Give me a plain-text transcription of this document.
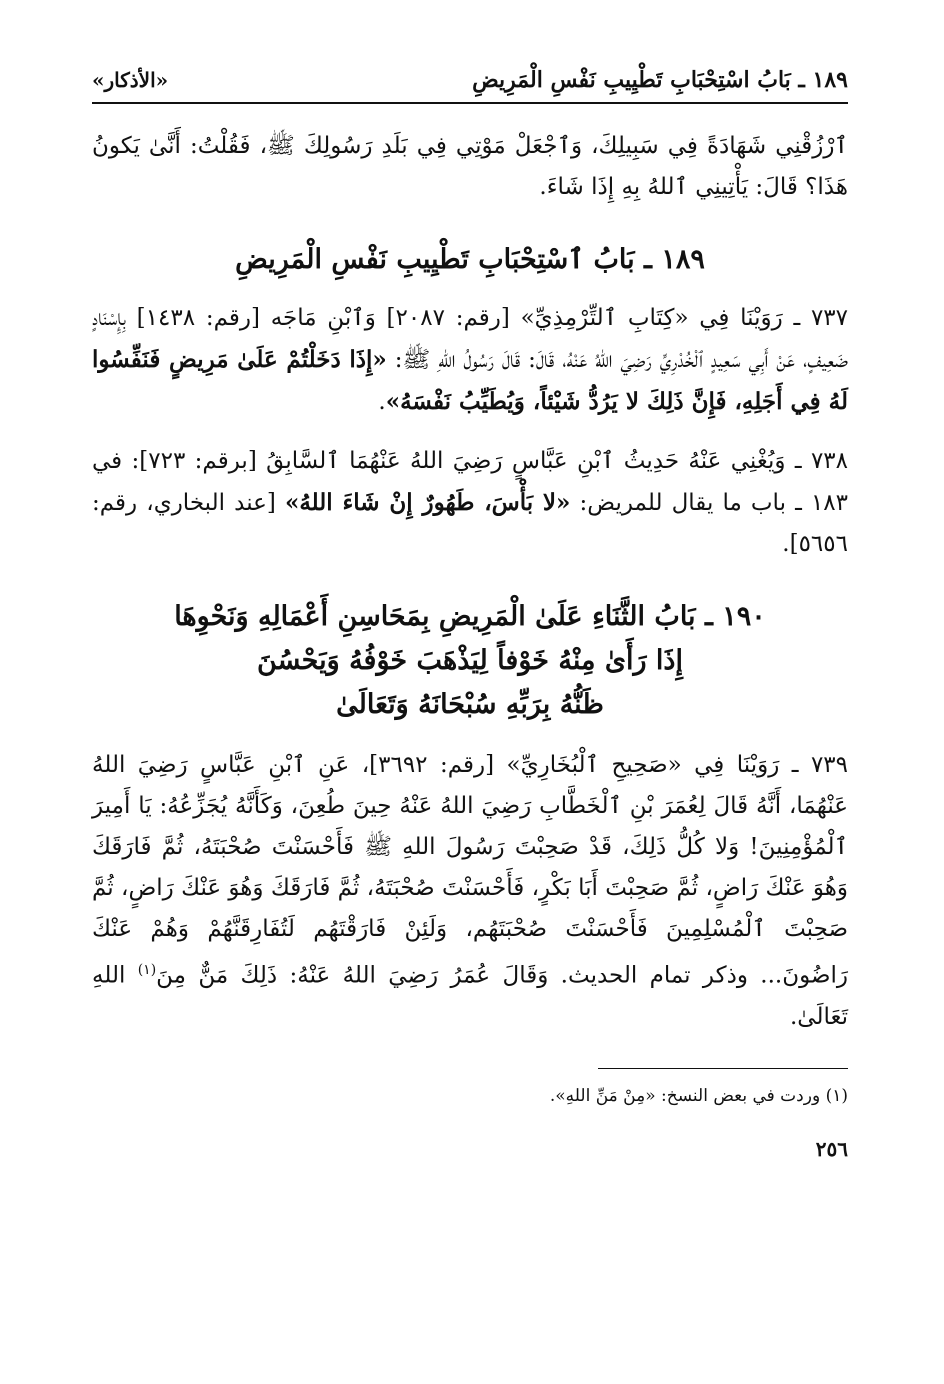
١٨٩ ـ بَابُ اسْتِحْبَابِ تَطْيِيبِ نَفْسِ الْمَرِيضِ
«الأذكار»

ٱرْزُقْنِي شَهَادَةً فِي سَبِيلِكَ، وَٱجْعَلْ مَوْتِي فِي بَلَدِ رَسُولِكَ ﷺ، فَقُلْتُ: أَنَّىٰ يَكونُ هَذَا؟ قَالَ: يَأْتِينِي ٱللهُ بِهِ إِذَا شَاءَ.

١٨٩ ـ بَابُ ٱسْتِحْبَابِ تَطْيِيبِ نَفْسِ الْمَرِيضِ

٧٣٧ ـ رَوَيْنَا فِي «كِتَابِ ٱلتِّرْمِذِيِّ» [رقم: ٢٠٨٧] وَٱبْنِ مَاجَه [رقم: ١٤٣٨] بِإِسْنَادٍ ضَعِيفٍ، عَنْ أَبِي سَعِيدٍ ٱلْخُدْرِيِّ رَضِيَ اللهُ عَنْهُ، قَالَ: قَالَ رَسُولُ اللهِ ﷺ: «إِذَا دَخَلْتُمْ عَلَىٰ مَرِيضٍ فَنَفِّسُوا لَهُ فِي أَجَلِهِ، فَإِنَّ ذَلِكَ لا يَرُدُّ شَيْئاً، وَيُطَيِّبُ نَفْسَهُ».

٧٣٨ ـ وَيُغْنِي عَنْهُ حَدِيثُ ٱبْنِ عَبَّاسٍ رَضِيَ اللهُ عَنْهُمَا ٱلسَّابِقُ [برقم: ٧٢٣]: في ١٨٣ ـ باب ما يقال للمريض: «لا بَأْسَ، طَهُورٌ إِنْ شَاءَ اللهُ» [عند البخاري، رقم: ٥٦٥٦].

١٩٠ ـ بَابُ الثَّنَاءِ عَلَىٰ الْمَرِيضِ بِمَحَاسِنِ أَعْمَالِهِ وَنَحْوِهَا

إِذَا رَأَىٰ مِنْهُ خَوْفاً لِيَذْهَبَ خَوْفُهُ وَيَحْسُنَ

ظَنُّهُ بِرَبِّهِ سُبْحَانَهُ وَتَعَالَىٰ

٧٣٩ ـ رَوَيْنَا فِي «صَحِيحِ ٱلْبُخَارِيِّ» [رقم: ٣٦٩٢]، عَنِ ٱبْنِ عَبَّاسٍ رَضِيَ اللهُ عَنْهُمَا، أَنَّهُ قَالَ لِعُمَرَ بْنِ ٱلْخَطَّابِ رَضِيَ اللهُ عَنْهُ حِينَ طُعِنَ، وَكَأَنَّهُ يُجَزِّعُهُ: يَا أَمِيرَ ٱلْمُؤْمِنِينَ! وَلا كُلُّ ذَلِكَ، قَدْ صَحِبْتَ رَسُولَ اللهِ ﷺ فَأَحْسَنْتَ صُحْبَتَهُ، ثُمَّ فَارَقَكَ وَهُوَ عَنْكَ رَاضٍ، ثُمَّ صَحِبْتَ أَبَا بَكْرٍ، فَأَحْسَنْتَ صُحْبَتَهُ، ثُمَّ فَارَقَكَ وَهُوَ عَنْكَ رَاضٍ، ثُمَّ صَحِبْتَ ٱلْمُسْلِمِينَ فَأَحْسَنْتَ صُحْبَتَهُم، وَلَئِنْ فَارَقْتَهُم لَتُفَارِقَنَّهُمْ وَهُمْ عَنْكَ رَاضُونَ... وذكر تمام الحديث. وَقَالَ عُمَرُ رَضِيَ اللهُ عَنْهُ: ذَلِكَ مَنٌّ مِنَ$^{(١)}$ اللهِ تَعَالَىٰ.

(١) وردت في بعض النسخ: «مِنْ مَنِّ اللهِ».

٢٥٦
